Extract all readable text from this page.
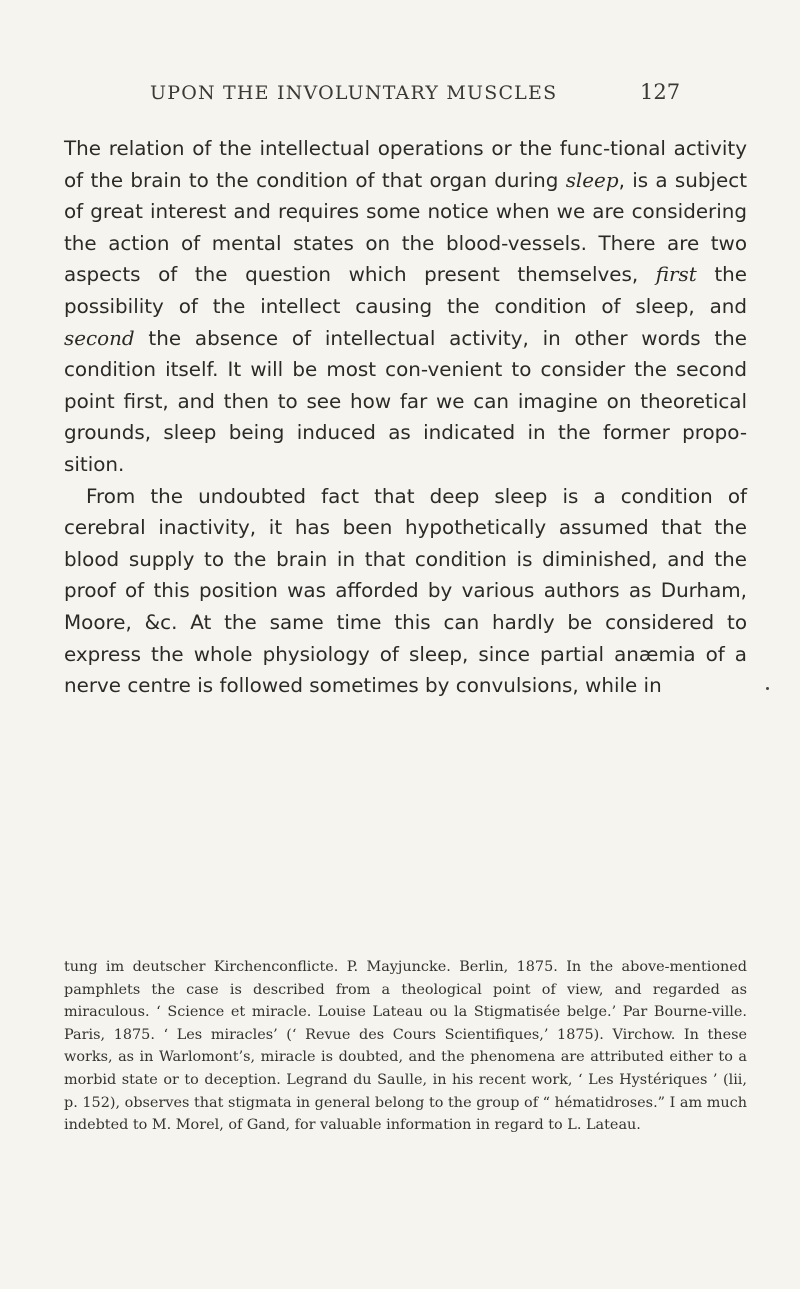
UPON THE INVOLUNTARY MUSCLES	127

The relation of the intellectual operations or the func-tional activity of the brain to the condition of that organ during sleep, is a subject of great interest and requires some notice when we are considering the action of mental states on the blood-vessels. There are two aspects of the question which present themselves, first the possibility of the intellect causing the condition of sleep, and second the absence of intellectual activity, in other words the condition itself. It will be most con-venient to consider the second point first, and then to see how far we can imagine on theoretical grounds, sleep being induced as indicated in the former propo-sition.

From the undoubted fact that deep sleep is a condition of cerebral inactivity, it has been hypothetically assumed that the blood supply to the brain in that condition is diminished, and the proof of this position was afforded by various authors as Durham, Moore, &c. At the same time this can hardly be considered to express the whole physiology of sleep, since partial anæmia of a nerve centre is followed sometimes by convulsions, while in

tung im deutscher Kirchenconflicte. P. Mayjuncke. Berlin, 1875. In the above-mentioned pamphlets the case is described from a theological point of view, and regarded as miraculous. ‘ Science et miracle. Louise Lateau ou la Stigmatisée belge.’ Par Bourne-ville. Paris, 1875. ‘ Les miracles’ (‘ Revue des Cours Scientifiques,’ 1875). Virchow. In these works, as in Warlomont’s, miracle is doubted, and the phenomena are attributed either to a morbid state or to deception. Legrand du Saulle, in his recent work, ‘ Les Hystériques ’ (lii, p. 152), observes that stigmata in general belong to the group of “ hématidroses.” I am much indebted to M. Morel, of Gand, for valuable information in regard to L. Lateau.
